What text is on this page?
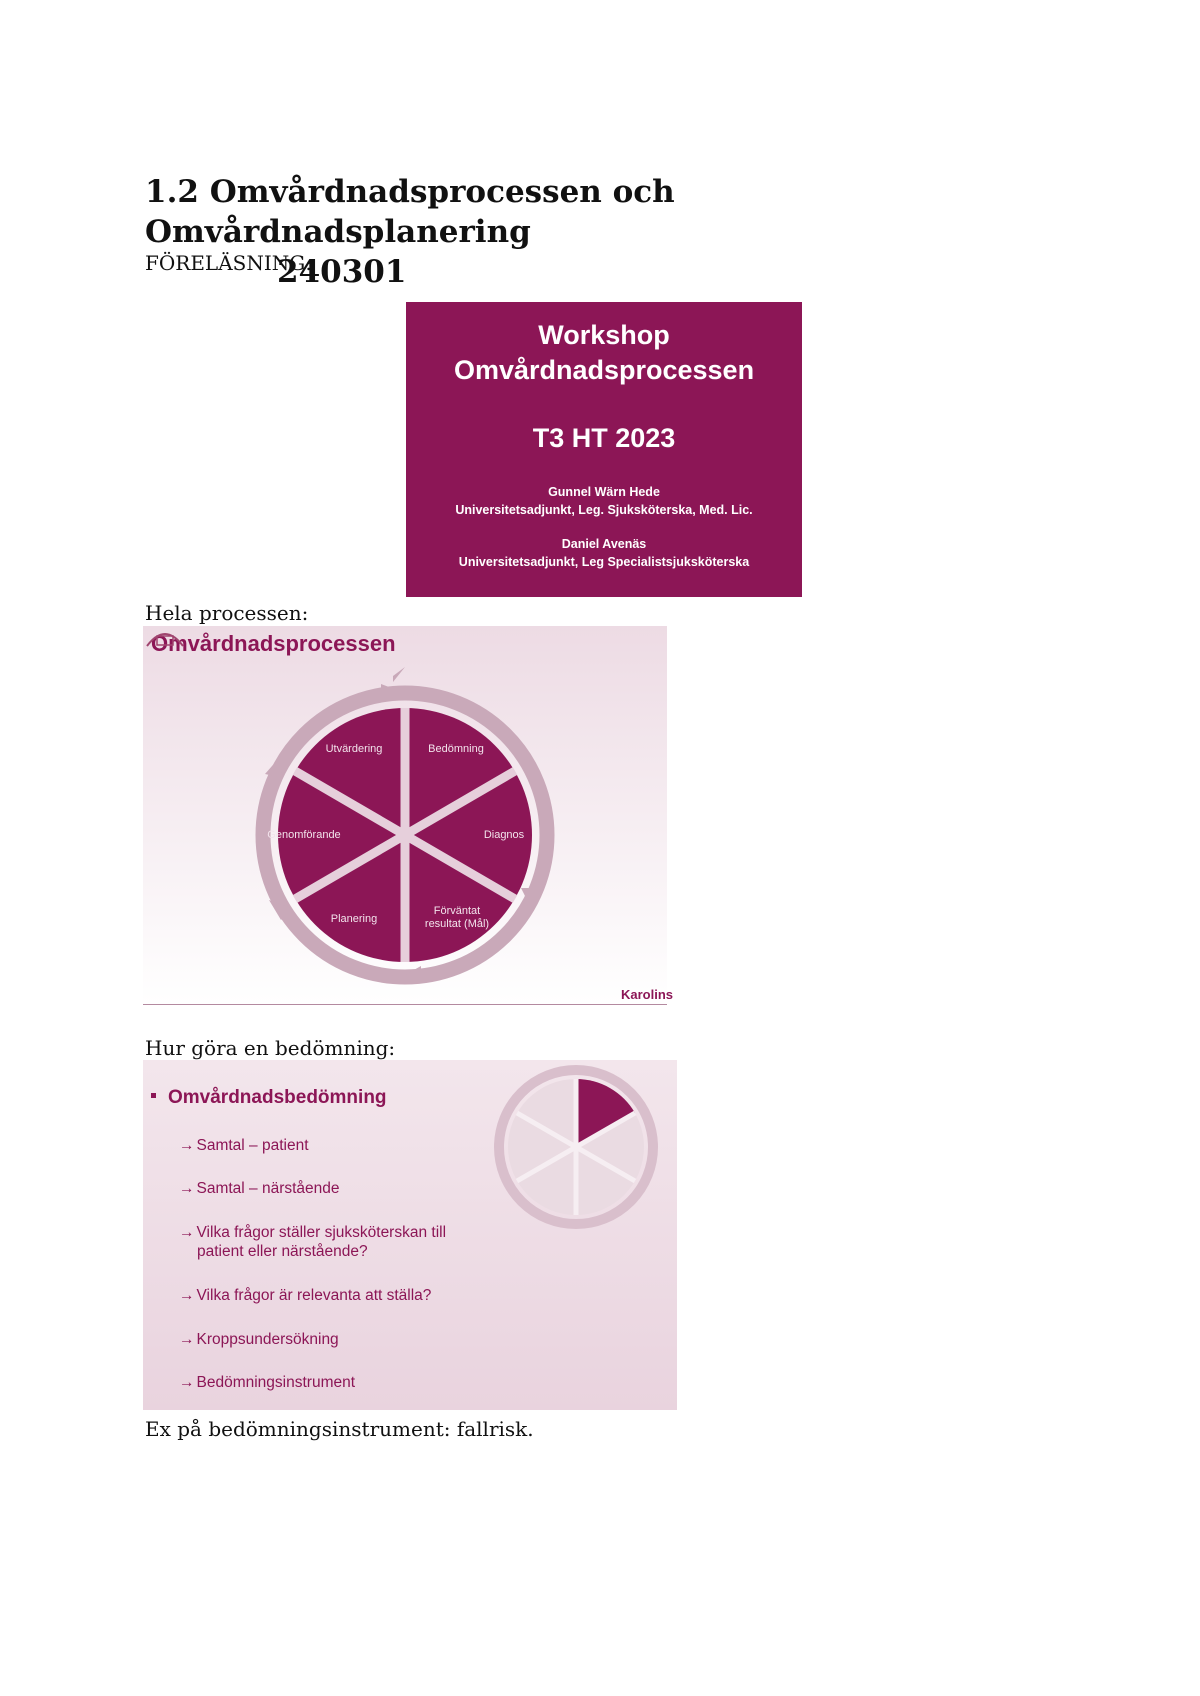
1.2 Omvårdnadsprocessen och Omvårdnadsplanering
240301

FÖRELÄSNING:

Workshop
Omvårdnadsprocessen
T3 HT 2023
Gunnel Wärn Hede
Universitetsadjunkt, Leg. Sjuksköterska, Med. Lic.
Daniel Avenäs
Universitetsadjunkt, Leg Specialistsjuksköterska

Hela processen:

Omvårdnadsprocessen
Utvärdering	Bedömning
Diagnos
Förväntat
resultat (Mål)
Planering
Genomförande
Karolins

Hur göra en bedömning:

Omvårdnadsbedömning
→ Samtal – patient
→ Samtal – närstående
→ Vilka frågor ställer sjuksköterskan till
patient eller närstående?
→ Vilka frågor är relevanta att ställa?
→ Kroppsundersökning
→ Bedömningsinstrument

Ex på bedömningsinstrument: fallrisk.
